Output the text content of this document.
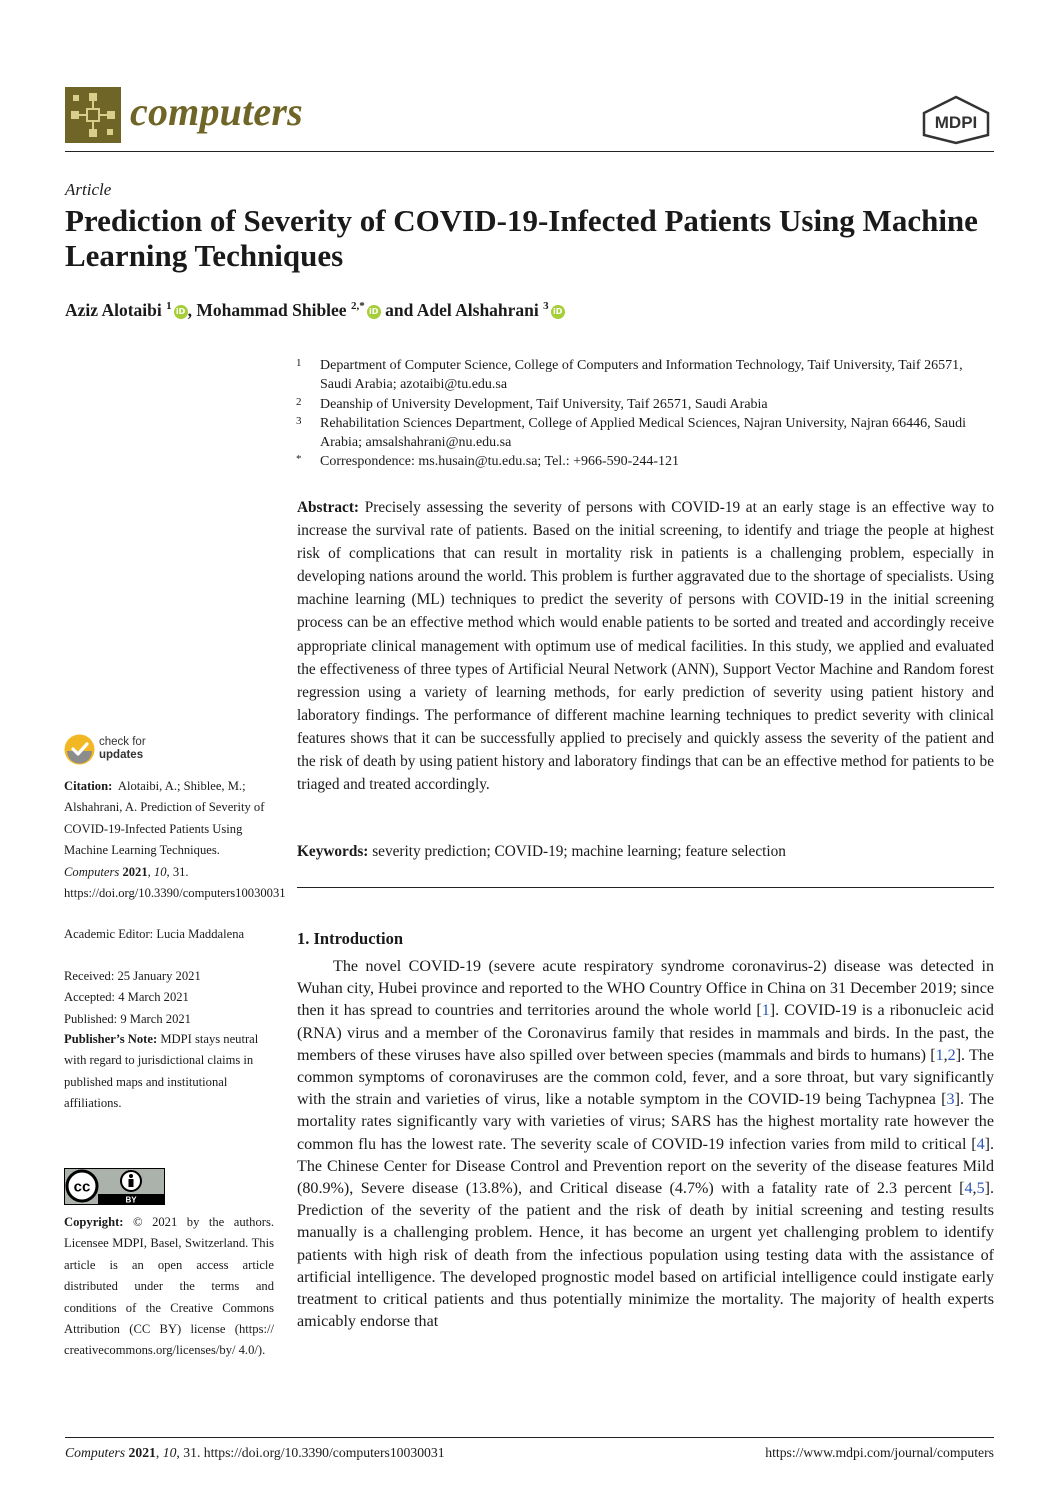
computers	MDPI
Article
Prediction of Severity of COVID-19-Infected Patients Using Machine Learning Techniques
Aziz Alotaibi $^1$ iD , Mohammad Shiblee $^{2,*}$ iD and Adel Alshahrani $^3$ iD
1	Department of Computer Science, College of Computers and Information Technology, Taif University, Taif 26571, Saudi Arabia; azotaibi@tu.edu.sa
2	Deanship of University Development, Taif University, Taif 26571, Saudi Arabia
3	Rehabilitation Sciences Department, College of Applied Medical Sciences, Najran University, Najran 66446, Saudi Arabia; amsalshahrani@nu.edu.sa
*	Correspondence: ms.husain@tu.edu.sa; Tel.: +966-590-244-121
Abstract: Precisely assessing the severity of persons with COVID-19 at an early stage is an effective way to increase the survival rate of patients. Based on the initial screening, to identify and triage the people at highest risk of complications that can result in mortality risk in patients is a challenging problem, especially in developing nations around the world. This problem is further aggravated due to the shortage of specialists. Using machine learning (ML) techniques to predict the severity of persons with COVID-19 in the initial screening process can be an effective method which would enable patients to be sorted and treated and accordingly receive appropriate clinical management with optimum use of medical facilities. In this study, we applied and evaluated the effectiveness of three types of Artificial Neural Network (ANN), Support Vector Machine and Random forest regression using a variety of learning methods, for early prediction of severity using patient history and laboratory findings. The performance of different machine learning techniques to predict severity with clinical features shows that it can be successfully applied to precisely and quickly assess the severity of the patient and the risk of death by using patient history and laboratory findings that can be an effective method for patients to be triaged and treated accordingly.
Keywords: severity prediction; COVID-19; machine learning; feature selection
1. Introduction

The novel COVID-19 (severe acute respiratory syndrome coronavirus-2) disease was detected in Wuhan city, Hubei province and reported to the WHO Country Office in China on 31 December 2019; since then it has spread to countries and territories around the whole world [1]. COVID-19 is a ribonucleic acid (RNA) virus and a member of the Coronavirus family that resides in mammals and birds. In the past, the members of these viruses have also spilled over between species (mammals and birds to humans) [1,2]. The common symptoms of coronaviruses are the common cold, fever, and a sore throat, but vary significantly with the strain and varieties of virus, like a notable symptom in the COVID-19 being Tachypnea [3]. The mortality rates significantly vary with varieties of virus; SARS has the highest mortality rate however the common flu has the lowest rate. The severity scale of COVID-19 infection varies from mild to critical [4]. The Chinese Center for Disease Control and Prevention report on the severity of the disease features Mild (80.9%), Severe disease (13.8%), and Critical disease (4.7%) with a fatality rate of 2.3 percent [4,5]. Prediction of the severity of the patient and the risk of death by initial screening and testing results manually is a challenging problem. Hence, it has become an urgent yet challenging problem to identify patients with high risk of death from the infectious population using testing data with the assistance of artificial intelligence. The developed prognostic model based on artificial intelligence could instigate early treatment to critical patients and thus potentially minimize the mortality. The majority of health experts amicably endorse that

check for
updates
Citation: Alotaibi, A.; Shiblee, M.; Alshahrani, A. Prediction of Severity of COVID-19-Infected Patients Using Machine Learning Techniques. Computers 2021, 10, 31. https://doi.org/10.3390/computers10030031
Academic Editor: Lucia Maddalena
Received: 25 January 2021
Accepted: 4 March 2021
Published: 9 March 2021
Publisher’s Note: MDPI stays neutral with regard to jurisdictional claims in published maps and institutional affiliations.
cc
BY
Copyright: © 2021 by the authors. Licensee MDPI, Basel, Switzerland. This article is an open access article distributed under the terms and conditions of the Creative Commons Attribution (CC BY) license (https:// creativecommons.org/licenses/by/ 4.0/).
Computers 2021, 10, 31. https://doi.org/10.3390/computers10030031	https://www.mdpi.com/journal/computers
